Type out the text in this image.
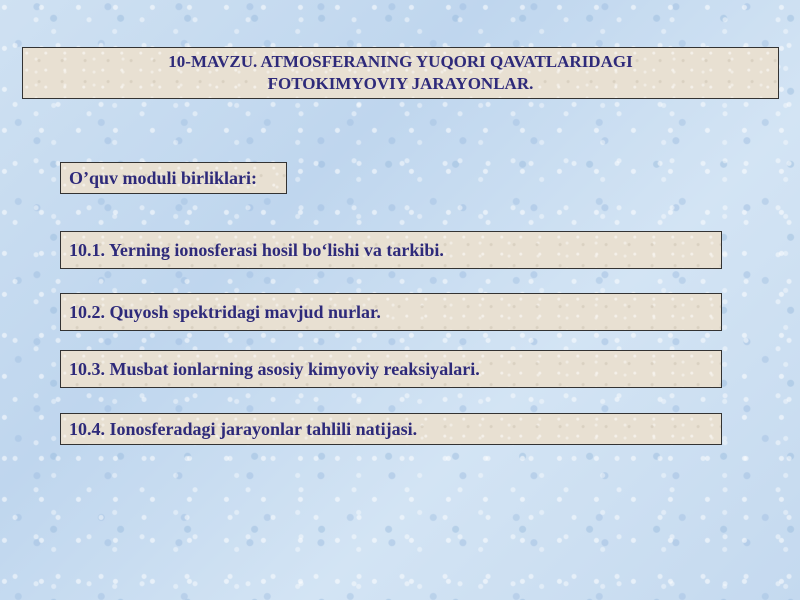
10-MAVZU. ATMOSFERANING YUQORI QAVATLARIDAGI
FOTOKIMYOVIY JARAYONLAR.
O’quv moduli birliklari:
10.1. Yerning ionosferasi hosil bo‘lishi va tarkibi.
10.2. Quyosh spektridagi mavjud nurlar.
10.3. Musbat ionlarning asosiy kimyoviy reaksiyalari.
10.4. Ionosferadagi jarayonlar tahlili natijasi.
